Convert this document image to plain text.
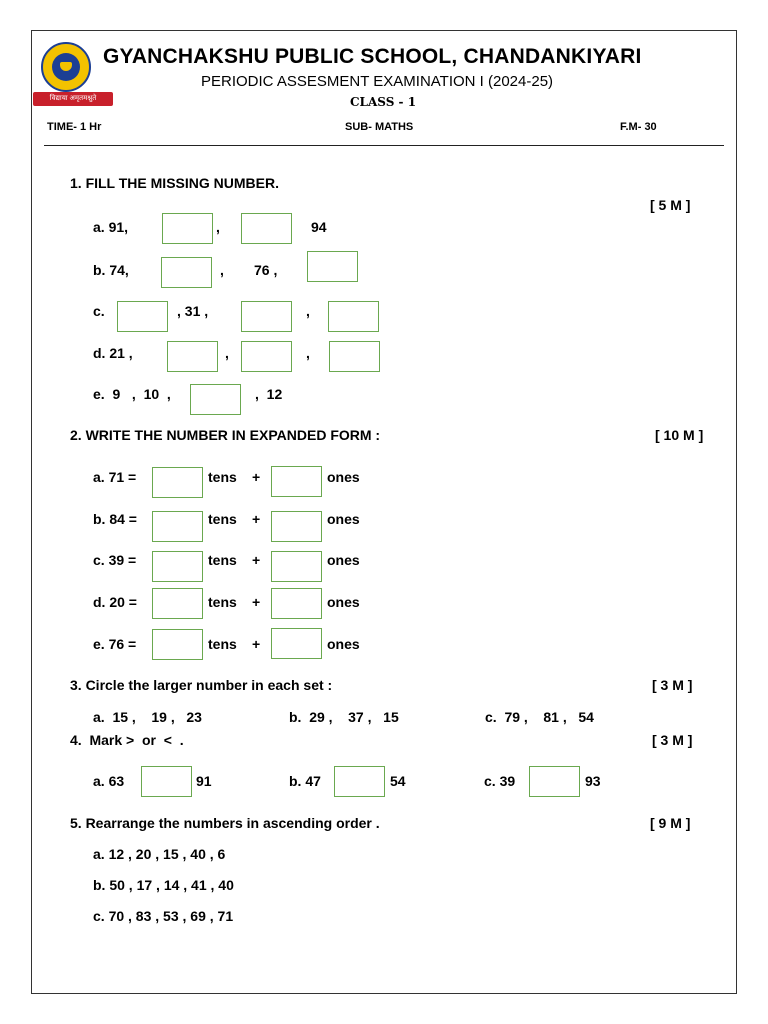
विद्याया अमृतमश्नुते
GYANCHAKSHU PUBLIC SCHOOL, CHANDANKIYARI
PERIODIC ASSESMENT EXAMINATION I (2024-25)
CLASS - 1
TIME- 1 Hr	SUB- MATHS	F.M- 30
1. FILL THE MISSING NUMBER.
[ 5 M ]
a. 91,	,	94
b. 74,	, 76 ,
c.	, 31 ,	,
d. 21 ,	,	,
e.  9   ,  10  ,	,  12
2. WRITE THE NUMBER IN EXPANDED FORM :	[ 10 M ]
a. 71 =	tens +	ones
b. 84 =	tens +	ones
c. 39 =	tens +	ones
d. 20 =	tens +	ones
e. 76 =	tens +	ones
3. Circle the larger number in each set :	[ 3 M ]
a.  15 ,    19 ,   23	b.  29 ,    37 ,   15	c.  79 ,    81 ,   54
4.  Mark >  or  <  .	[ 3 M ]
a. 63	91	b. 47	54	c. 39	93
5. Rearrange the numbers in ascending order .	[ 9 M ]
a. 12 , 20 , 15 , 40 , 6
b. 50 , 17 , 14 , 41 , 40
c. 70 , 83 , 53 , 69 , 71
